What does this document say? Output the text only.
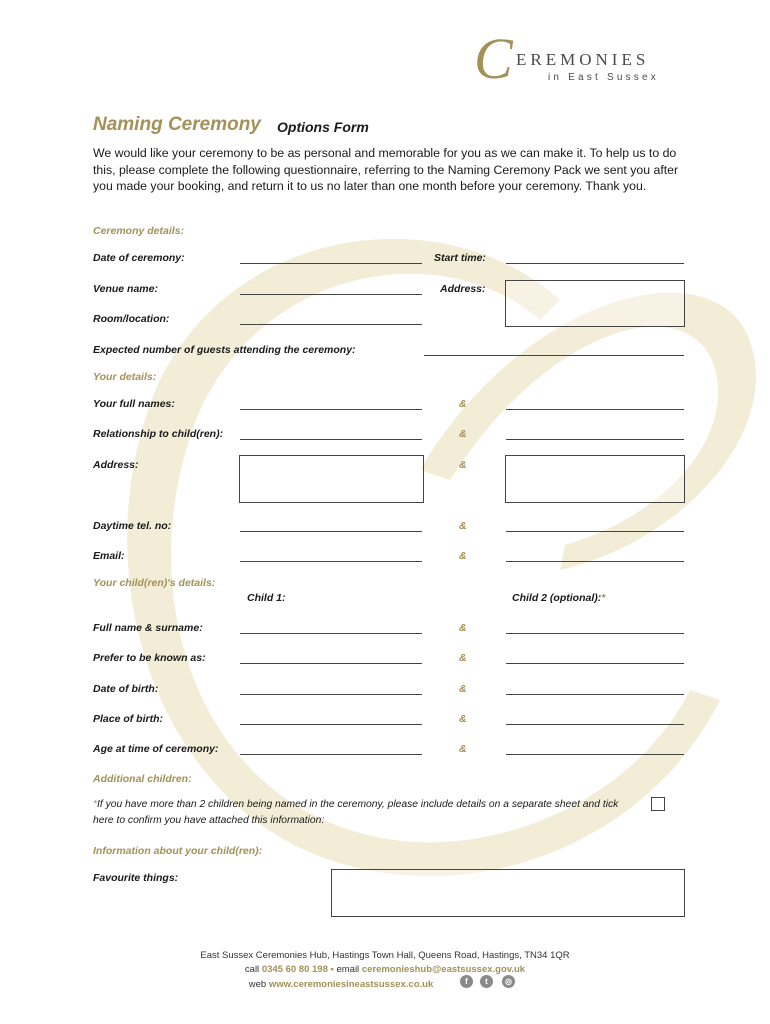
C EREMONIES
in East Sussex
Naming Ceremony Options Form
We would like your ceremony to be as personal and memorable for you as we can make it. To help us to do this, please complete the following questionnaire, referring to the Naming Ceremony Pack we sent you after you made your booking, and return it to us no later than one month before your ceremony. Thank you.
Ceremony details:
Date of ceremony:	Start time:
Venue name:	Address:
Room/location:
Expected number of guests attending the ceremony:
Your details:
Your full names:	&
Relationship to child(ren):	&
Address:	&
Daytime tel. no:	&
Email:	&
Your child(ren)'s details:
Child 1:	Child 2 (optional):*
Full name & surname:	&
Prefer to be known as:	&
Date of birth:	&
Place of birth:	&
Age at time of ceremony:	&
Additional children:
*If you have more than 2 children being named in the ceremony, please include details on a separate sheet and tick here to confirm you have attached this information:
Information about your child(ren):
Favourite things:
East Sussex Ceremonies Hub, Hastings Town Hall, Queens Road, Hastings, TN34 1QR
call 0345 60 80 198 • email ceremonieshub@eastsussex.gov.uk
web www.ceremoniesineastsussex.co.uk	f	t	◎
